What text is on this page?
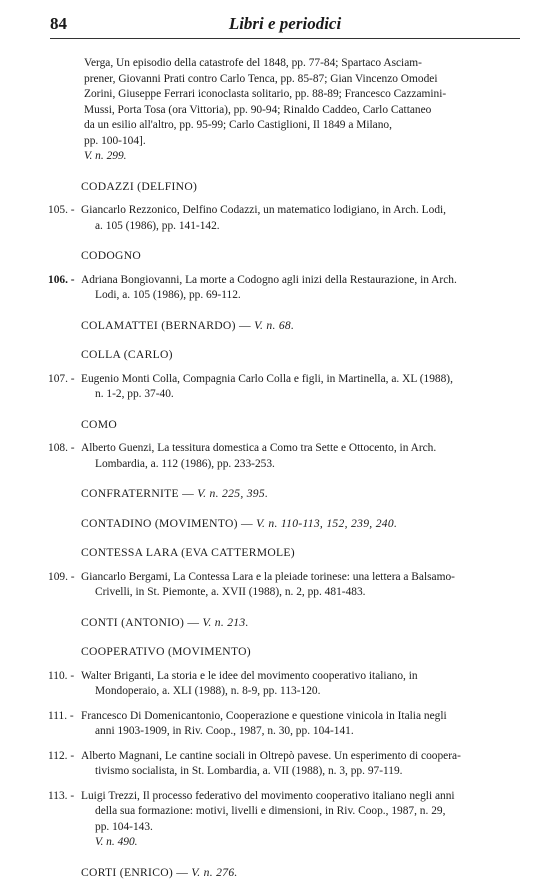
84	Libri e periodici
Verga, Un episodio della catastrofe del 1848, pp. 77-84; Spartaco Asciam-
prener, Giovanni Prati contro Carlo Tenca, pp. 85-87; Gian Vincenzo Omodei
Zorini, Giuseppe Ferrari iconoclasta solitario, pp. 88-89; Francesco Cazzamini-
Mussi, Porta Tosa (ora Vittoria), pp. 90-94; Rinaldo Caddeo, Carlo Cattaneo
da un esilio all'altro, pp. 95-99; Carlo Castiglioni, Il 1849 a Milano,
pp. 100-104].
V. n. 299.
CODAZZI (DELFINO)
105. - Giancarlo Rezzonico, Delfino Codazzi, un matematico lodigiano, in Arch. Lodi,
a. 105 (1986), pp. 141-142.
CODOGNO
106. - Adriana Bongiovanni, La morte a Codogno agli inizi della Restaurazione, in Arch.
Lodi, a. 105 (1986), pp. 69-112.
COLAMATTEI (BERNARDO) — V. n. 68.
COLLA (CARLO)
107. - Eugenio Monti Colla, Compagnia Carlo Colla e figli, in Martinella, a. XL (1988),
n. 1-2, pp. 37-40.
COMO
108. - Alberto Guenzi, La tessitura domestica a Como tra Sette e Ottocento, in Arch.
Lombardia, a. 112 (1986), pp. 233-253.
CONFRATERNITE — V. n. 225, 395.
CONTADINO (MOVIMENTO) — V. n. 110-113, 152, 239, 240.
CONTESSA LARA (EVA CATTERMOLE)
109. - Giancarlo Bergami, La Contessa Lara e la pleiade torinese: una lettera a Balsamo-
Crivelli, in St. Piemonte, a. XVII (1988), n. 2, pp. 481-483.
CONTI (ANTONIO) — V. n. 213.
COOPERATIVO (MOVIMENTO)
110. - Walter Briganti, La storia e le idee del movimento cooperativo italiano, in
Mondoperaio, a. XLI (1988), n. 8-9, pp. 113-120.
111. - Francesco Di Domenicantonio, Cooperazione e questione vinicola in Italia negli
anni 1903-1909, in Riv. Coop., 1987, n. 30, pp. 104-141.
112. - Alberto Magnani, Le cantine sociali in Oltrepò pavese. Un esperimento di coopera-
tivismo socialista, in St. Lombardia, a. VII (1988), n. 3, pp. 97-119.
113. - Luigi Trezzi, Il processo federativo del movimento cooperativo italiano negli anni
della sua formazione: motivi, livelli e dimensioni, in Riv. Coop., 1987, n. 29,
pp. 104-143.
V. n. 490.
CORTI (ENRICO) — V. n. 276.
